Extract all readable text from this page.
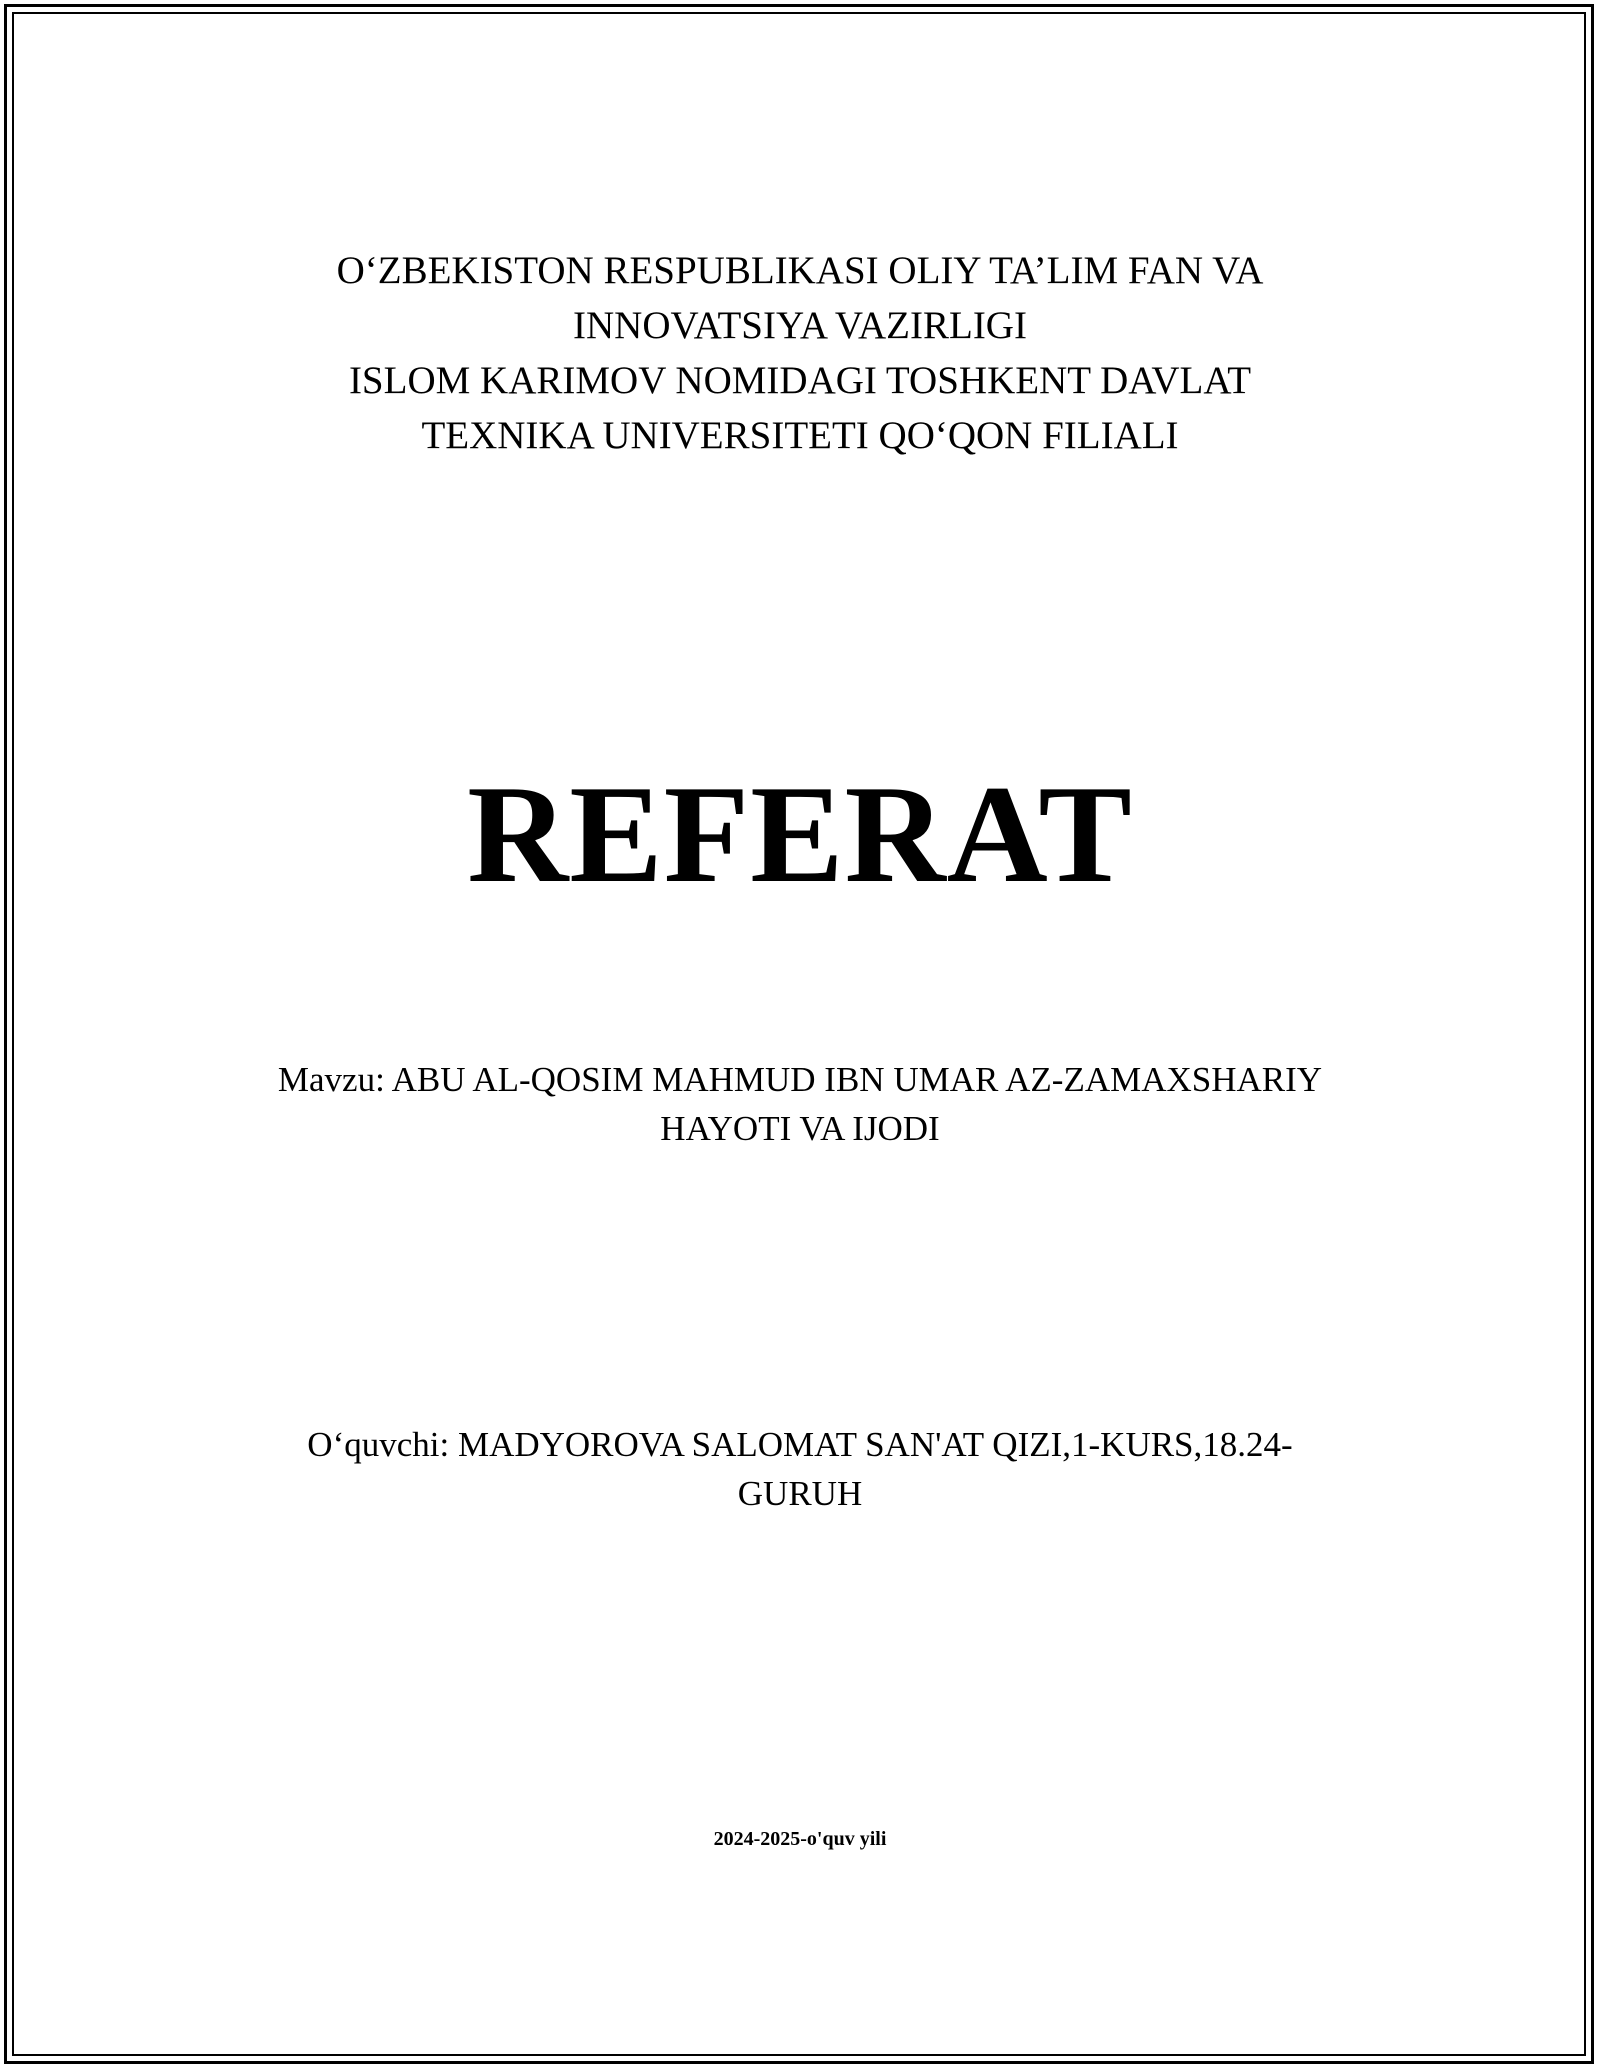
O‘ZBEKISTON RESPUBLIKASI OLIY TA’LIM FAN VA
INNOVATSIYA VAZIRLIGI
ISLOM KARIMOV NOMIDAGI TOSHKENT DAVLAT
TEXNIKA UNIVERSITETI QO‘QON FILIALI
REFERAT
Mavzu: ABU AL-QOSIM MAHMUD IBN UMAR AZ-ZAMAXSHARIY
HAYOTI VA IJODI
O‘quvchi: MADYOROVA SALOMAT SAN'AT QIZI,1-KURS,18.24-
GURUH
2024-2025-o'quv yili
